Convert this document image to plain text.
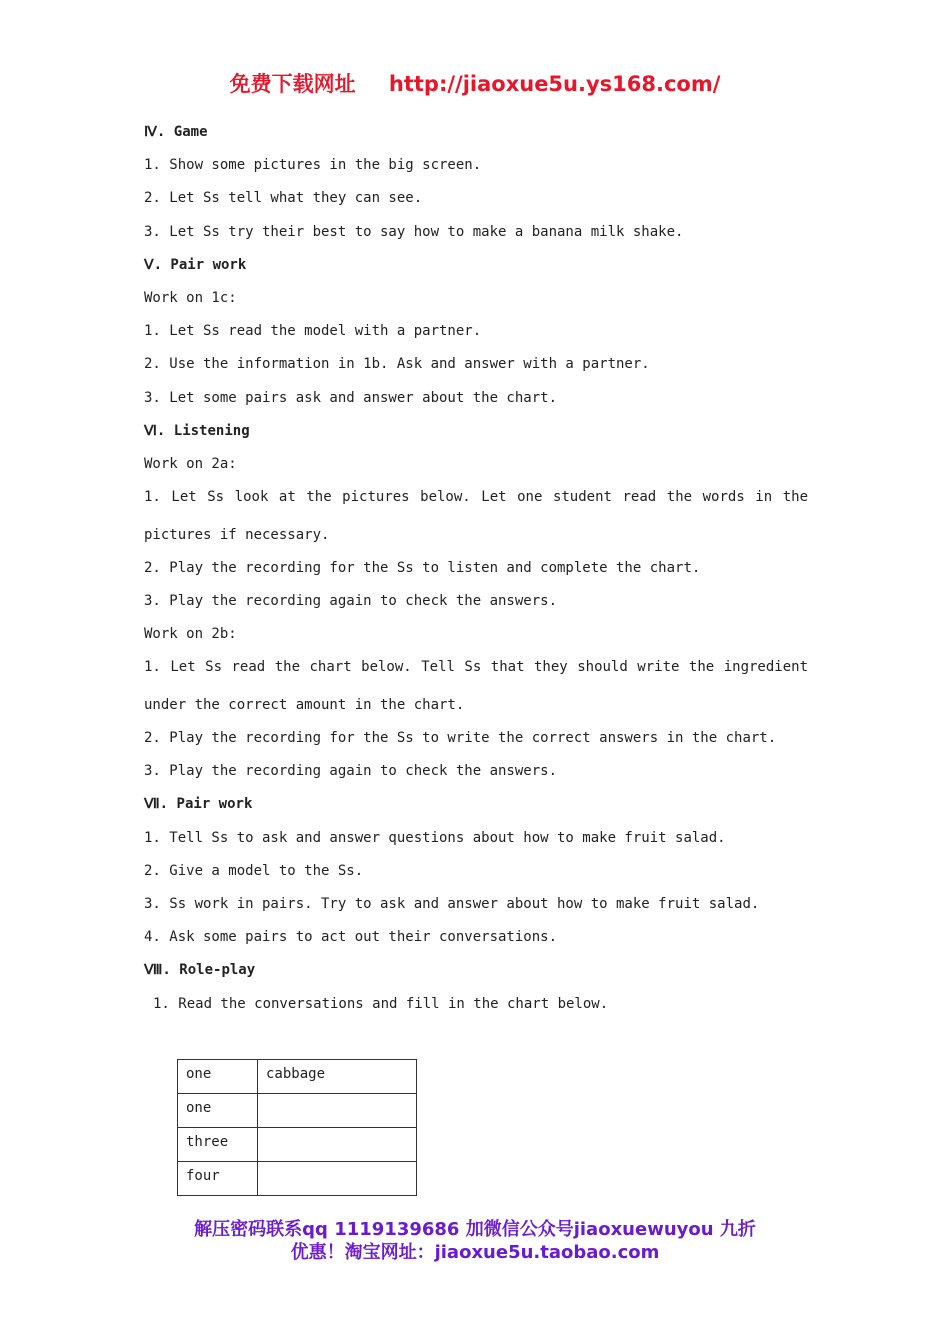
免费下载网址 http://jiaoxue5u.ys168.com/
Ⅳ. Game
1. Show some pictures in the big screen.
2. Let Ss tell what they can see.
3. Let Ss try their best to say how to make a banana milk shake.
Ⅴ. Pair work
Work on 1c:
1. Let Ss read the model with a partner.
2. Use the information in 1b. Ask and answer with a partner.
3. Let some pairs ask and answer about the chart.
Ⅵ. Listening
Work on 2a:
1. Let Ss look at the pictures below. Let one student read the words in the
pictures if necessary.
2. Play the recording for the Ss to listen and complete the chart.
3. Play the recording again to check the answers.
Work on 2b:
1. Let Ss read the chart below. Tell Ss that they should write the ingredient
under the correct amount in the chart.
2. Play the recording for the Ss to write the correct answers in the chart.
3. Play the recording again to check the answers.
Ⅶ. Pair work
1. Tell Ss to ask and answer questions about how to make fruit salad.
2. Give a model to the Ss.
3. Ss work in pairs. Try to ask and answer about how to make fruit salad.
4. Ask some pairs to act out their conversations.
Ⅷ. Role-play
1. Read the conversations and fill in the chart below.
one	cabbage
one	
three	
four	
解压密码联系qq 1119139686 加微信公众号jiaoxuewuyou 九折
优惠！淘宝网址：jiaoxue5u.taobao.com
